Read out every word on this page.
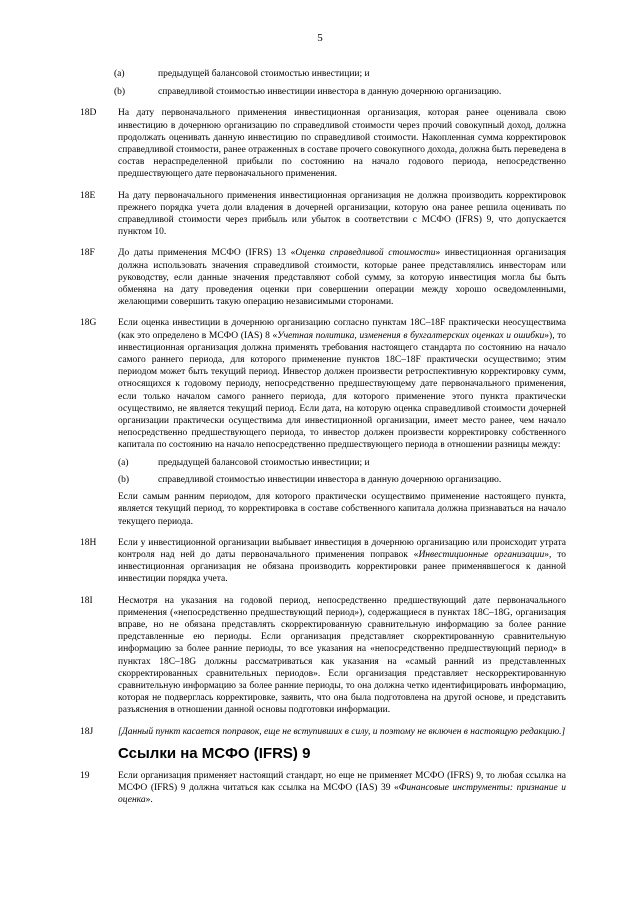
5
(a)	предыдущей балансовой стоимостью инвестиции; и
(b)	справедливой стоимостью инвестиции инвестора в данную дочернюю организацию.
18D	На дату первоначального применения инвестиционная организация, которая ранее оценивала свою инвестицию в дочернюю организацию по справедливой стоимости через прочий совокупный доход, должна продолжать оценивать данную инвестицию по справедливой стоимости. Накопленная сумма корректировок справедливой стоимости, ранее отраженных в составе прочего совокупного дохода, должна быть переведена в состав нераспределенной прибыли по состоянию на начало годового периода, непосредственно предшествующего дате первоначального применения.
18E	На дату первоначального применения инвестиционная организация не должна производить корректировок прежнего порядка учета доли владения в дочерней организации, которую она ранее решила оценивать по справедливой стоимости через прибыль или убыток в соответствии с МСФО (IFRS) 9, что допускается пунктом 10.
18F	До даты применения МСФО (IFRS) 13 «Оценка справедливой стоимости» инвестиционная организация должна использовать значения справедливой стоимости, которые ранее представлялись инвесторам или руководству, если данные значения представляют собой сумму, за которую инвестиция могла бы быть обменяна на дату проведения оценки при совершении операции между хорошо осведомленными, желающими совершить такую операцию независимыми сторонами.
18G	Если оценка инвестиции в дочернюю организацию согласно пунктам 18C–18F практически неосуществима (как это определено в МСФО (IAS) 8 «Учетная политика, изменения в бухгалтерских оценках и ошибки»), то инвестиционная организация должна применять требования настоящего стандарта по состоянию на начало самого раннего периода, для которого применение пунктов 18C–18F практически осуществимо; этим периодом может быть текущий период. Инвестор должен произвести ретроспективную корректировку сумм, относящихся к годовому периоду, непосредственно предшествующему дате первоначального применения, если только началом самого раннего периода, для которого применение этого пункта практически осуществимо, не является текущий период. Если дата, на которую оценка справедливой стоимости дочерней организации практически осуществима для инвестиционной организации, имеет место ранее, чем начало непосредственно предшествующего периода, то инвестор должен произвести корректировку собственного капитала по состоянию на начало непосредственно предшествующего периода в отношении разницы между:

(a)	предыдущей балансовой стоимостью инвестиции; и
(b)	справедливой стоимостью инвестиции инвестора в данную дочернюю организацию.

Если самым ранним периодом, для которого практически осуществимо применение настоящего пункта, является текущий период, то корректировка в составе собственного капитала должна признаваться на начало текущего периода.

18H	Если у инвестиционной организации выбывает инвестиция в дочернюю организацию или происходит утрата контроля над ней до даты первоначального применения поправок «Инвестиционные организации», то инвестиционная организация не обязана производить корректировки ранее применявшегося к данной инвестиции порядка учета.
18I	Несмотря на указания на годовой период, непосредственно предшествующий дате первоначального применения («непосредственно предшествующий период»), содержащиеся в пунктах 18C–18G, организация вправе, но не обязана представлять скорректированную сравнительную информацию за более ранние представленные ею периоды. Если организация представляет скорректированную сравнительную информацию за более ранние периоды, то все указания на «непосредственно предшествующий период» в пунктах 18C–18G должны рассматриваться как указания на «самый ранний из представленных скорректированных сравнительных периодов». Если организация представляет нескорректированную сравнительную информацию за более ранние периоды, то она должна четко идентифицировать информацию, которая не подверглась корректировке, заявить, что она была подготовлена на другой основе, и представить разъяснения в отношении данной основы подготовки информации.
18J	[Данный пункт касается поправок, еще не вступивших в силу, и поэтому не включен в настоящую редакцию.]
Ссылки на МСФО (IFRS) 9
19	Если организация применяет настоящий стандарт, но еще не применяет МСФО (IFRS) 9, то любая ссылка на МСФО (IFRS) 9 должна читаться как ссылка на МСФО (IAS) 39 «Финансовые инструменты: признание и оценка».
